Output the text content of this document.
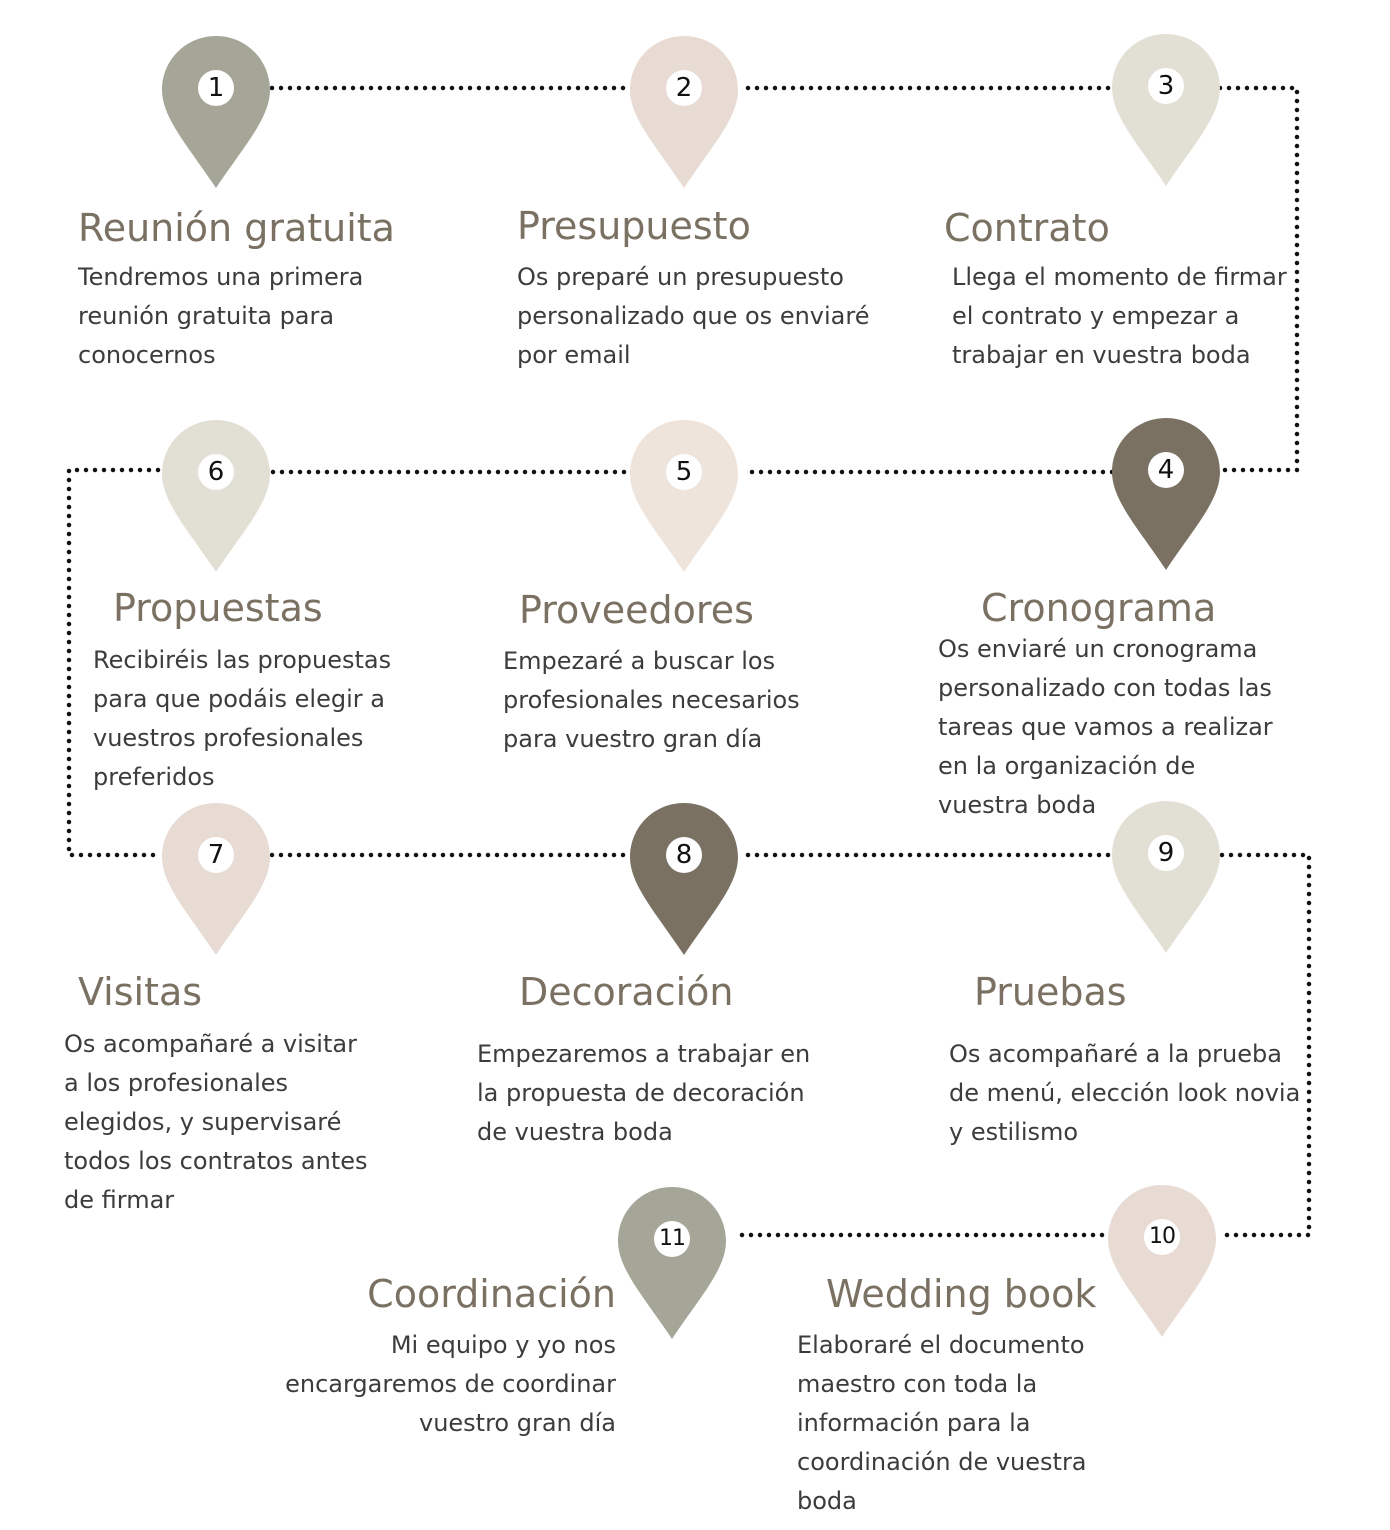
1
Reunión gratuita

Tendremos una primera reunión gratuita para conocernos

2
Presupuesto

Os preparé un presupuesto personalizado que os enviaré por email

3
Contrato

Llega el momento de firmar el contrato y empezar a trabajar en vuestra boda

4
Cronograma

Os enviaré un cronograma personalizado con todas las tareas que vamos a realizar en la organización de vuestra boda

5
Proveedores

Empezaré a buscar los profesionales necesarios para vuestro gran día

6
Propuestas

Recibiréis las propuestas para que podáis elegir a vuestros profesionales preferidos

7
Visitas

Os acompañaré a visitar a los profesionales elegidos, y supervisaré todos los contratos antes de firmar

8
Decoración

Empezaremos a trabajar en la propuesta de decoración de vuestra boda

9
Pruebas

Os acompañaré a la prueba de menú, elección look novia y estilismo

10
Wedding book

Elaboraré el documento maestro con toda la información para la coordinación de vuestra boda

11
Coordinación

Mi equipo y yo nos encargaremos de coordinar vuestro gran día
